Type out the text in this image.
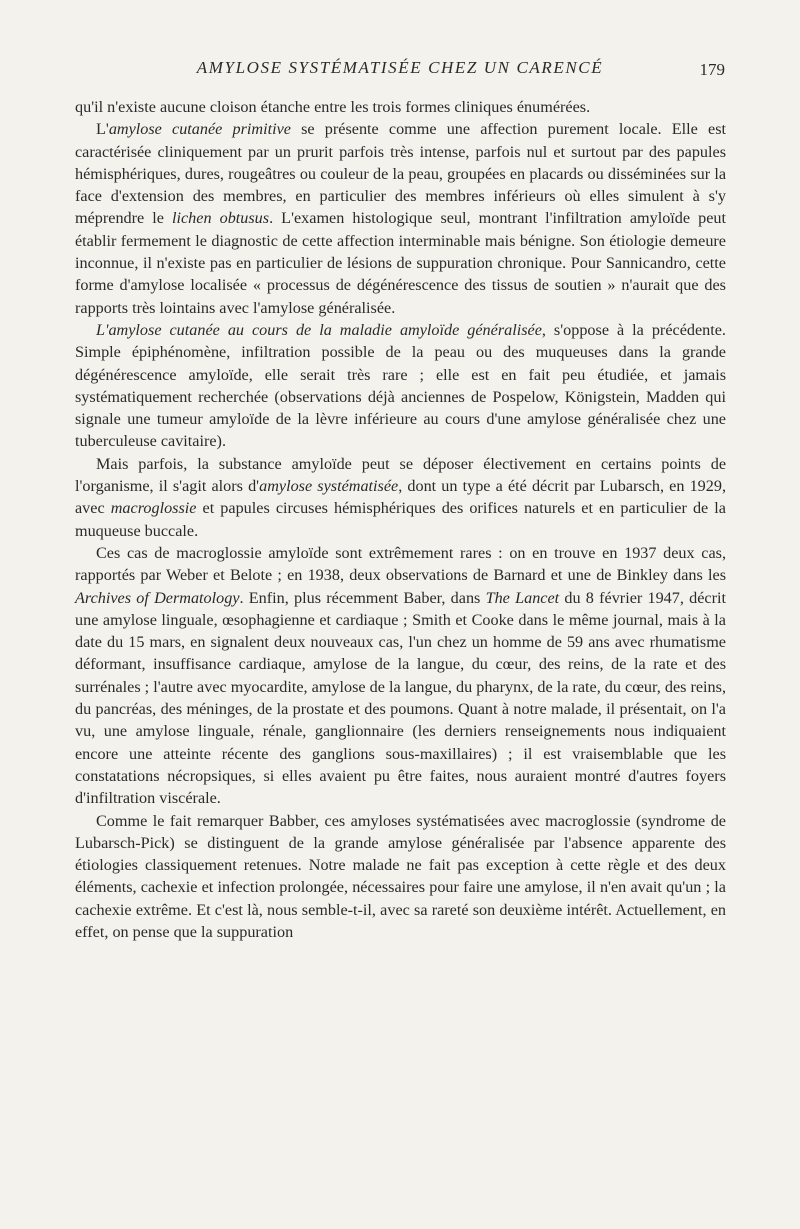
AMYLOSE SYSTÉMATISÉE CHEZ UN CARENCÉ	179

qu'il n'existe aucune cloison étanche entre les trois formes cliniques énumérées.

L'amylose cutanée primitive se présente comme une affection purement locale. Elle est caractérisée cliniquement par un prurit parfois très intense, parfois nul et surtout par des papules hémisphériques, dures, rougeâtres ou couleur de la peau, groupées en placards ou disséminées sur la face d'extension des membres, en particulier des membres inférieurs où elles simulent à s'y méprendre le lichen obtusus. L'examen histologique seul, montrant l'infiltration amyloïde peut établir fermement le diagnostic de cette affection interminable mais bénigne. Son étiologie demeure inconnue, il n'existe pas en particulier de lésions de suppuration chronique. Pour Sannicandro, cette forme d'amylose localisée « processus de dégénérescence des tissus de soutien » n'aurait que des rapports très lointains avec l'amylose généralisée.

L'amylose cutanée au cours de la maladie amyloïde généralisée, s'oppose à la précédente. Simple épiphénomène, infiltration possible de la peau ou des muqueuses dans la grande dégénérescence amyloïde, elle serait très rare ; elle est en fait peu étudiée, et jamais systématiquement recherchée (observations déjà anciennes de Pospelow, Königstein, Madden qui signale une tumeur amyloïde de la lèvre inférieure au cours d'une amylose généralisée chez une tuberculeuse cavitaire).

Mais parfois, la substance amyloïde peut se déposer électivement en certains points de l'organisme, il s'agit alors d'amylose systématisée, dont un type a été décrit par Lubarsch, en 1929, avec macroglossie et papules circuses hémisphériques des orifices naturels et en particulier de la muqueuse buccale.

Ces cas de macroglossie amyloïde sont extrêmement rares : on en trouve en 1937 deux cas, rapportés par Weber et Belote ; en 1938, deux observations de Barnard et une de Binkley dans les Archives of Dermatology. Enfin, plus récemment Baber, dans The Lancet du 8 février 1947, décrit une amylose linguale, œsophagienne et cardiaque ; Smith et Cooke dans le même journal, mais à la date du 15 mars, en signalent deux nouveaux cas, l'un chez un homme de 59 ans avec rhumatisme déformant, insuffisance cardiaque, amylose de la langue, du cœur, des reins, de la rate et des surrénales ; l'autre avec myocardite, amylose de la langue, du pharynx, de la rate, du cœur, des reins, du pancréas, des méninges, de la prostate et des poumons. Quant à notre malade, il présentait, on l'a vu, une amylose linguale, rénale, ganglionnaire (les derniers renseignements nous indiquaient encore une atteinte récente des ganglions sous-maxillaires) ; il est vraisemblable que les constatations nécropsiques, si elles avaient pu être faites, nous auraient montré d'autres foyers d'infiltration viscérale.

Comme le fait remarquer Babber, ces amyloses systématisées avec macroglossie (syndrome de Lubarsch-Pick) se distinguent de la grande amylose généralisée par l'absence apparente des étiologies classiquement retenues. Notre malade ne fait pas exception à cette règle et des deux éléments, cachexie et infection prolongée, nécessaires pour faire une amylose, il n'en avait qu'un ; la cachexie extrême. Et c'est là, nous semble-t-il, avec sa rareté son deuxième intérêt. Actuellement, en effet, on pense que la suppuration
